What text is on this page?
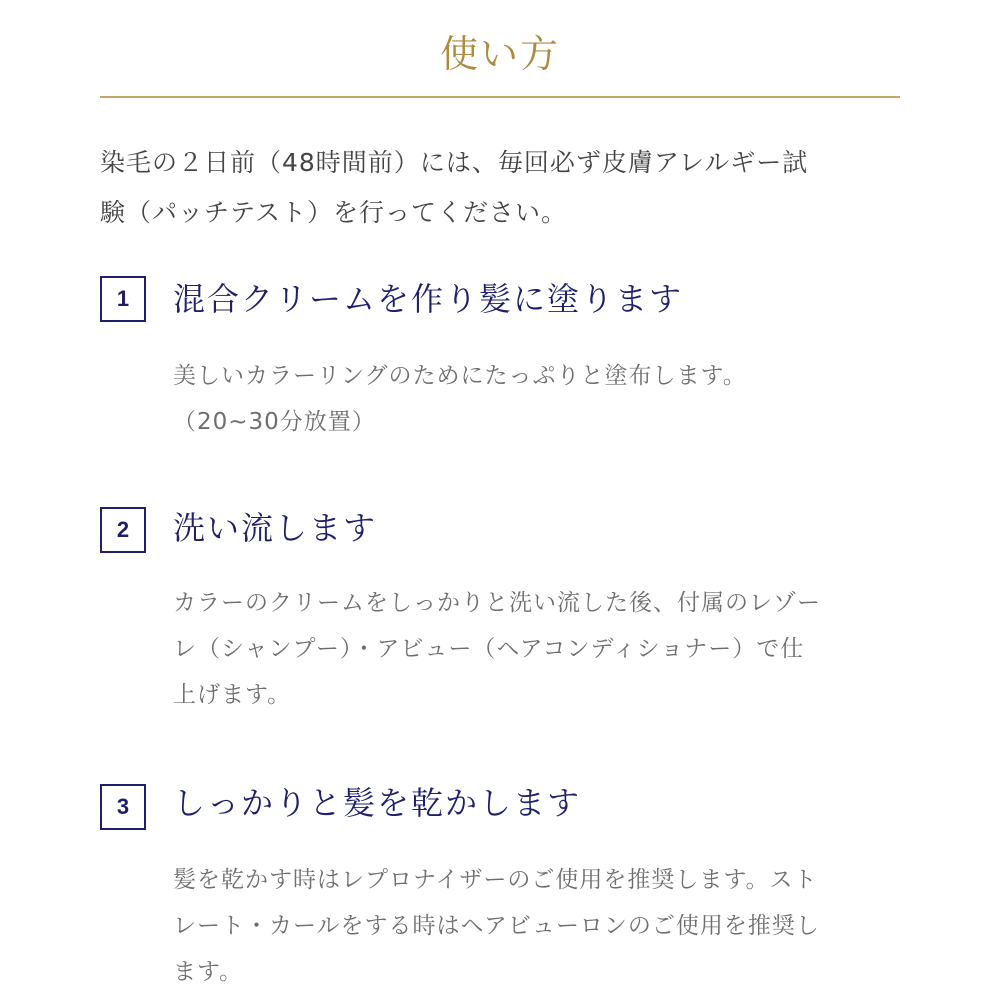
使い方
染毛の２日前（48時間前）には、毎回必ず皮膚アレルギー試
験（パッチテスト）を行ってください。
1	混合クリームを作り髪に塗ります
美しいカラーリングのためにたっぷりと塗布します。
（20~30分放置）
2	洗い流します
カラーのクリームをしっかりと洗い流した後、付属のレゾー
レ（シャンプー）・アビュー（ヘアコンディショナー）で仕
上げます。
3	しっかりと髪を乾かします
髪を乾かす時はレプロナイザーのご使用を推奨します。スト
レート・カールをする時はヘアビューロンのご使用を推奨し
ます。
